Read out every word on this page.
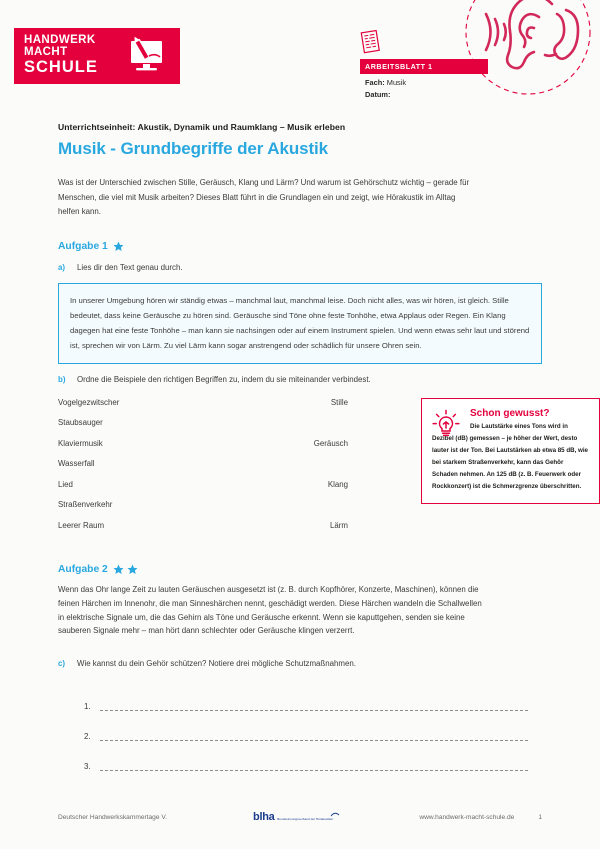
HANDWERK
MACHT
SCHULE	ARBEITSBLATT 1
Fach: Musik
Datum:
Unterrichtseinheit: Akustik, Dynamik und Raumklang – Musik erleben
Musik - Grundbegriffe der Akustik
Was ist der Unterschied zwischen Stille, Geräusch, Klang und Lärm? Und warum ist Gehörschutz wichtig – gerade für Menschen, die viel mit Musik arbeiten? Dieses Blatt führt in die Grundlagen ein und zeigt, wie Hörakustik im Alltag helfen kann.
Aufgabe 1
a)	Lies dir den Text genau durch.
In unserer Umgebung hören wir ständig etwas – manchmal laut, manchmal leise. Doch nicht alles, was wir hören, ist gleich. Stille bedeutet, dass keine Geräusche zu hören sind. Geräusche sind Töne ohne feste Tonhöhe, etwa Applaus oder Regen. Ein Klang dagegen hat eine feste Tonhöhe – man kann sie nachsingen oder auf einem Instrument spielen. Und wenn etwas sehr laut und störend ist, sprechen wir von Lärm. Zu viel Lärm kann sogar anstrengend oder schädlich für unsere Ohren sein.
b)	Ordne die Beispiele den richtigen Begriffen zu, indem du sie miteinander verbindest.
Vogelgezwitscher	Stille
Staubsauger
Klaviermusik	Geräusch
Wasserfall
Lied	Klang
Straßenverkehr
Leerer Raum	Lärm
Schon gewusst?
Die Lautstärke eines Tons wird in Dezibel (dB) gemessen – je höher der Wert, desto lauter ist der Ton. Bei Lautstärken ab etwa 85 dB, wie bei starkem Straßenverkehr, kann das Gehör Schaden nehmen. An 125 dB (z. B. Feuerwerk oder Rockkonzert) ist die Schmerzgrenze überschritten.
Aufgabe 2
Wenn das Ohr lange Zeit zu lauten Geräuschen ausgesetzt ist (z. B. durch Kopfhörer, Konzerte, Maschinen), können die feinen Härchen im Innenohr, die man Sinneshärchen nennt, geschädigt werden. Diese Härchen wandeln die Schallwellen in elektrische Signale um, die das Gehirn als Töne und Geräusche erkennt. Wenn sie kaputtgehen, senden sie keine sauberen Signale mehr – man hört dann schlechter oder Geräusche klingen verzerrt.
c)	Wie kannst du dein Gehör schützen? Notiere drei mögliche Schutzmaßnahmen.
1.
2.
3.
Deutscher Handwerkskammertage V.	blha Bundesinnungsverband der Hörakustiker	www.handwerk-macht-schule.de	1
